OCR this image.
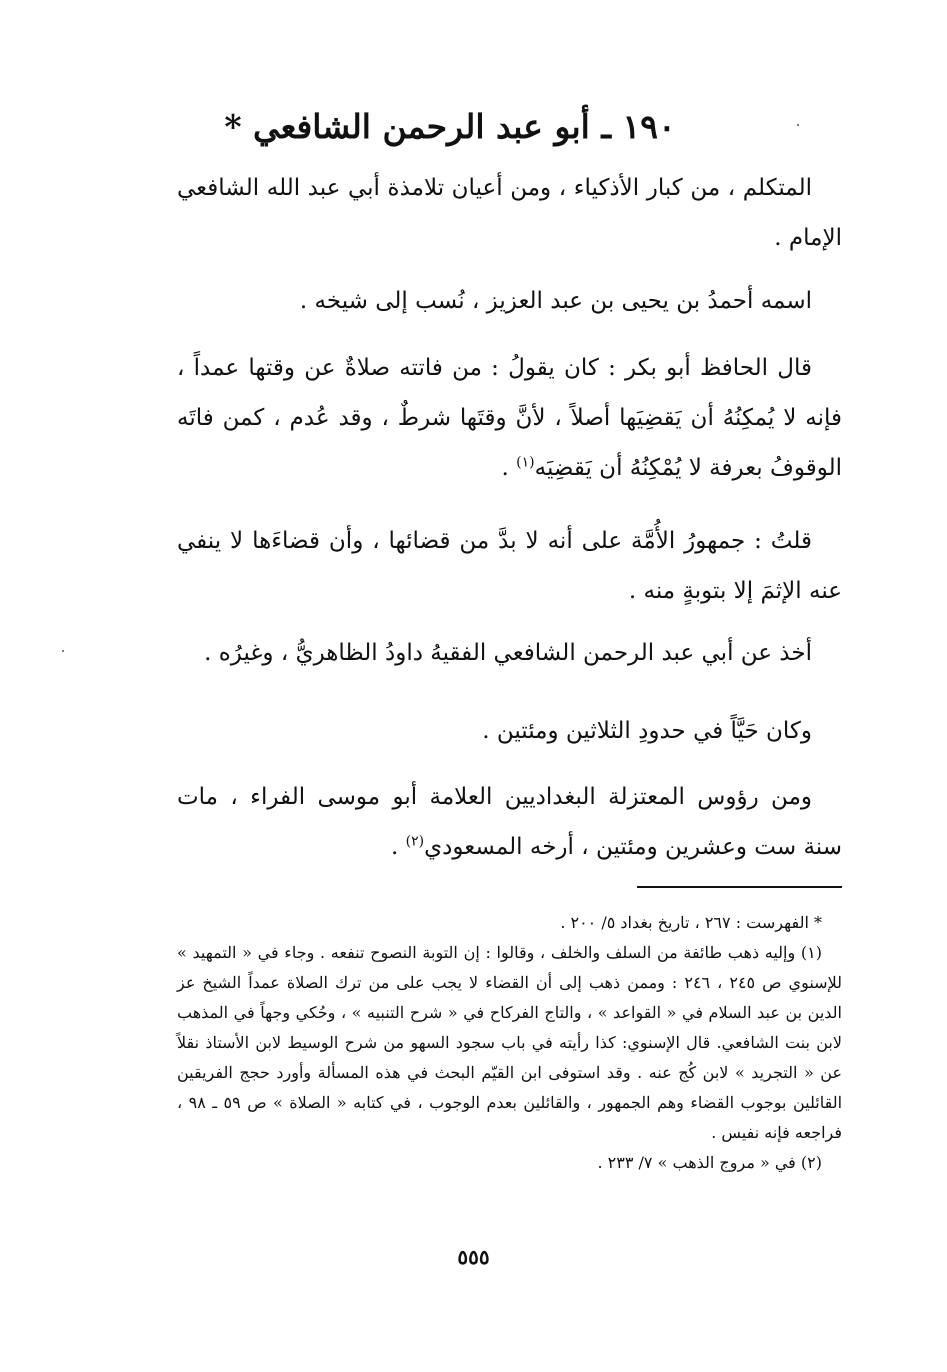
١٩٠ ـ أبو عبد الرحمن الشافعي *

المتكلم ، من كبار الأذكياء ، ومن أعيان تلامذة أبي عبد الله الشافعي الإمام .

اسمه أحمدُ بن يحيى بن عبد العزيز ، نُسب إلى شيخه .

قال الحافظ أبو بكر : كان يقولُ : من فاتته صلاةٌ عن وقتها عمداً ، فإنه لا يُمكِنُهُ أن يَقضِيَها أصلاً ، لأنَّ وقتَها شرطٌ ، وقد عُدم ، كمن فاتَه الوقوفُ بعرفة لا يُمْكِنُهُ أن يَقضِيَه$^{(١)}$ .

قلتُ : جمهورُ الأُمَّة على أنه لا بدَّ من قضائها ، وأن قضاءَها لا ينفي عنه الإثمَ إلا بتوبةٍ منه .

أخذ عن أبي عبد الرحمن الشافعي الفقيهُ داودُ الظاهريُّ ، وغيرُه .

وكان حَيَّاً في حدودِ الثلاثين ومئتين .

ومن رؤوس المعتزلة البغداديين العلامة أبو موسى الفراء ، مات سنة ست وعشرين ومئتين ، أرخه المسعودي$^{(٢)}$ .

* الفهرست : ٢٦٧ ، تاريخ بغداد ٥/ ٢٠٠ .

(١) وإليه ذهب طائفة من السلف والخلف ، وقالوا : إن التوبة النصوح تنفعه . وجاء في « التمهيد » للإسنوي ص ٢٤٥ ، ٢٤٦ : وممن ذهب إلى أن القضاء لا يجب على من ترك الصلاة عمداً الشيخ عز الدين بن عبد السلام في « القواعد » ، والتاج الفركاح في « شرح التنبيه » ، وحُكي وجهاً في المذهب لابن بنت الشافعي. قال الإسنوي: كذا رأيته في باب سجود السهو من شرح الوسيط لابن الأستاذ نقلاً عن « التجريد » لابن كُج عنه . وقد استوفى ابن القيّم البحث في هذه المسألة وأورد حجج الفريقين القائلين بوجوب القضاء وهم الجمهور ، والقائلين بعدم الوجوب ، في كتابه « الصلاة » ص ٥٩ ـ ٩٨ ، فراجعه فإنه نفيس .

(٢) في « مروج الذهب » ٧/ ٢٣٣ .

٥٥٥
